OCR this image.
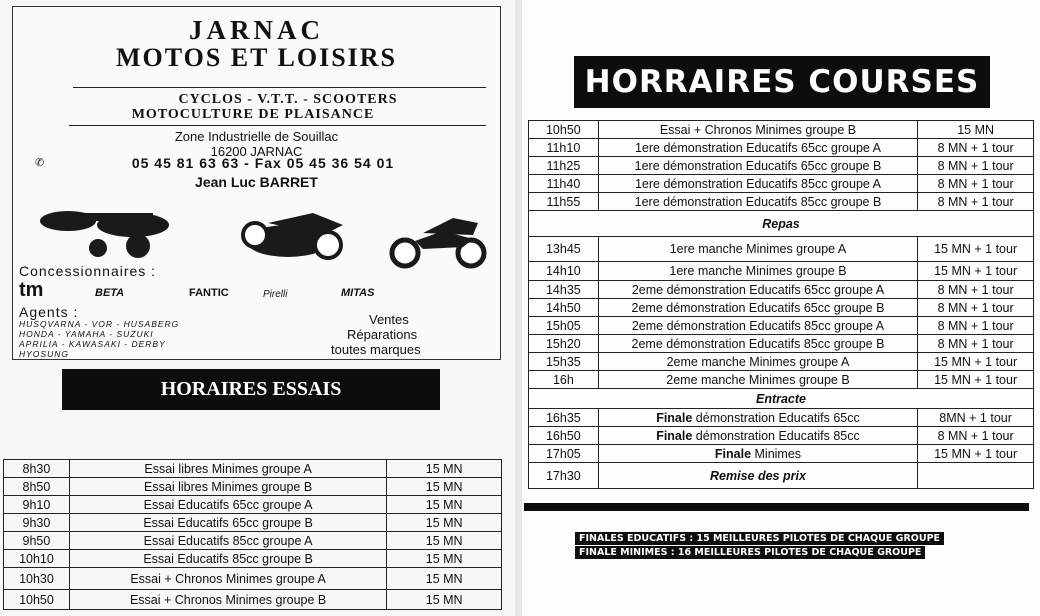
JARNAC
MOTOS ET LOISIRS
CYCLOS - V.T.T. - SCOOTERS
MOTOCULTURE DE PLAISANCE
Zone Industrielle de Souillac
16200 JARNAC
✆	05 45 81 63 63 - Fax 05 45 36 54 01
Jean Luc BARRET
Concessionnaires :
tm	BETA	FANTIC	Pirelli	MITAS
Agents :
HUSQVARNA - VOR - HUSABERG
HONDA - YAMAHA - SUZUKI
APRILIA - KAWASAKI - DERBY
HYOSUNG
Ventes
Réparations
toutes marques
HORAIRES ESSAIS
8h30	Essai libres Minimes groupe A	15 MN
8h50	Essai libres Minimes groupe B	15 MN
9h10	Essai Educatifs 65cc groupe A	15 MN
9h30	Essai Educatifs 65cc groupe B	15 MN
9h50	Essai Educatifs 85cc groupe A	15 MN
10h10	Essai Educatifs 85cc groupe B	15 MN
10h30	Essai + Chronos Minimes groupe A	15 MN
10h50	Essai + Chronos Minimes groupe B	15 MN
HORRAIRES COURSES
10h50	Essai + Chronos Minimes groupe B	15 MN
11h10	1ere démonstration Educatifs 65cc groupe A	8 MN + 1 tour
11h25	1ere démonstration Educatifs 65cc groupe B	8 MN + 1 tour
11h40	1ere démonstration Educatifs 85cc groupe A	8 MN + 1 tour
11h55	1ere démonstration Educatifs 85cc groupe B	8 MN + 1 tour
Repas		
13h45	1ere manche Minimes groupe A	15 MN + 1 tour
14h10	1ere manche Minimes groupe B	15 MN + 1 tour
14h35	2eme démonstration Educatifs 65cc groupe A	8 MN + 1 tour
14h50	2eme démonstration Educatifs 65cc groupe B	8 MN + 1 tour
15h05	2eme démonstration Educatifs 85cc groupe A	8 MN + 1 tour
15h20	2eme démonstration Educatifs 85cc groupe B	8 MN + 1 tour
15h35	2eme manche Minimes groupe A	15 MN + 1 tour
16h	2eme manche Minimes groupe B	15 MN + 1 tour
Entracte		
16h35	Finale démonstration Educatifs 65cc	8MN + 1 tour
16h50	Finale démonstration Educatifs 85cc	8 MN + 1 tour
17h05	Finale Minimes	15 MN + 1 tour
17h30	Remise des prix	
FINALES EDUCATIFS : 15 MEILLEURES PILOTES DE CHAQUE GROUPE
FINALE MINIMES : 16 MEILLEURES PILOTES DE CHAQUE GROUPE
